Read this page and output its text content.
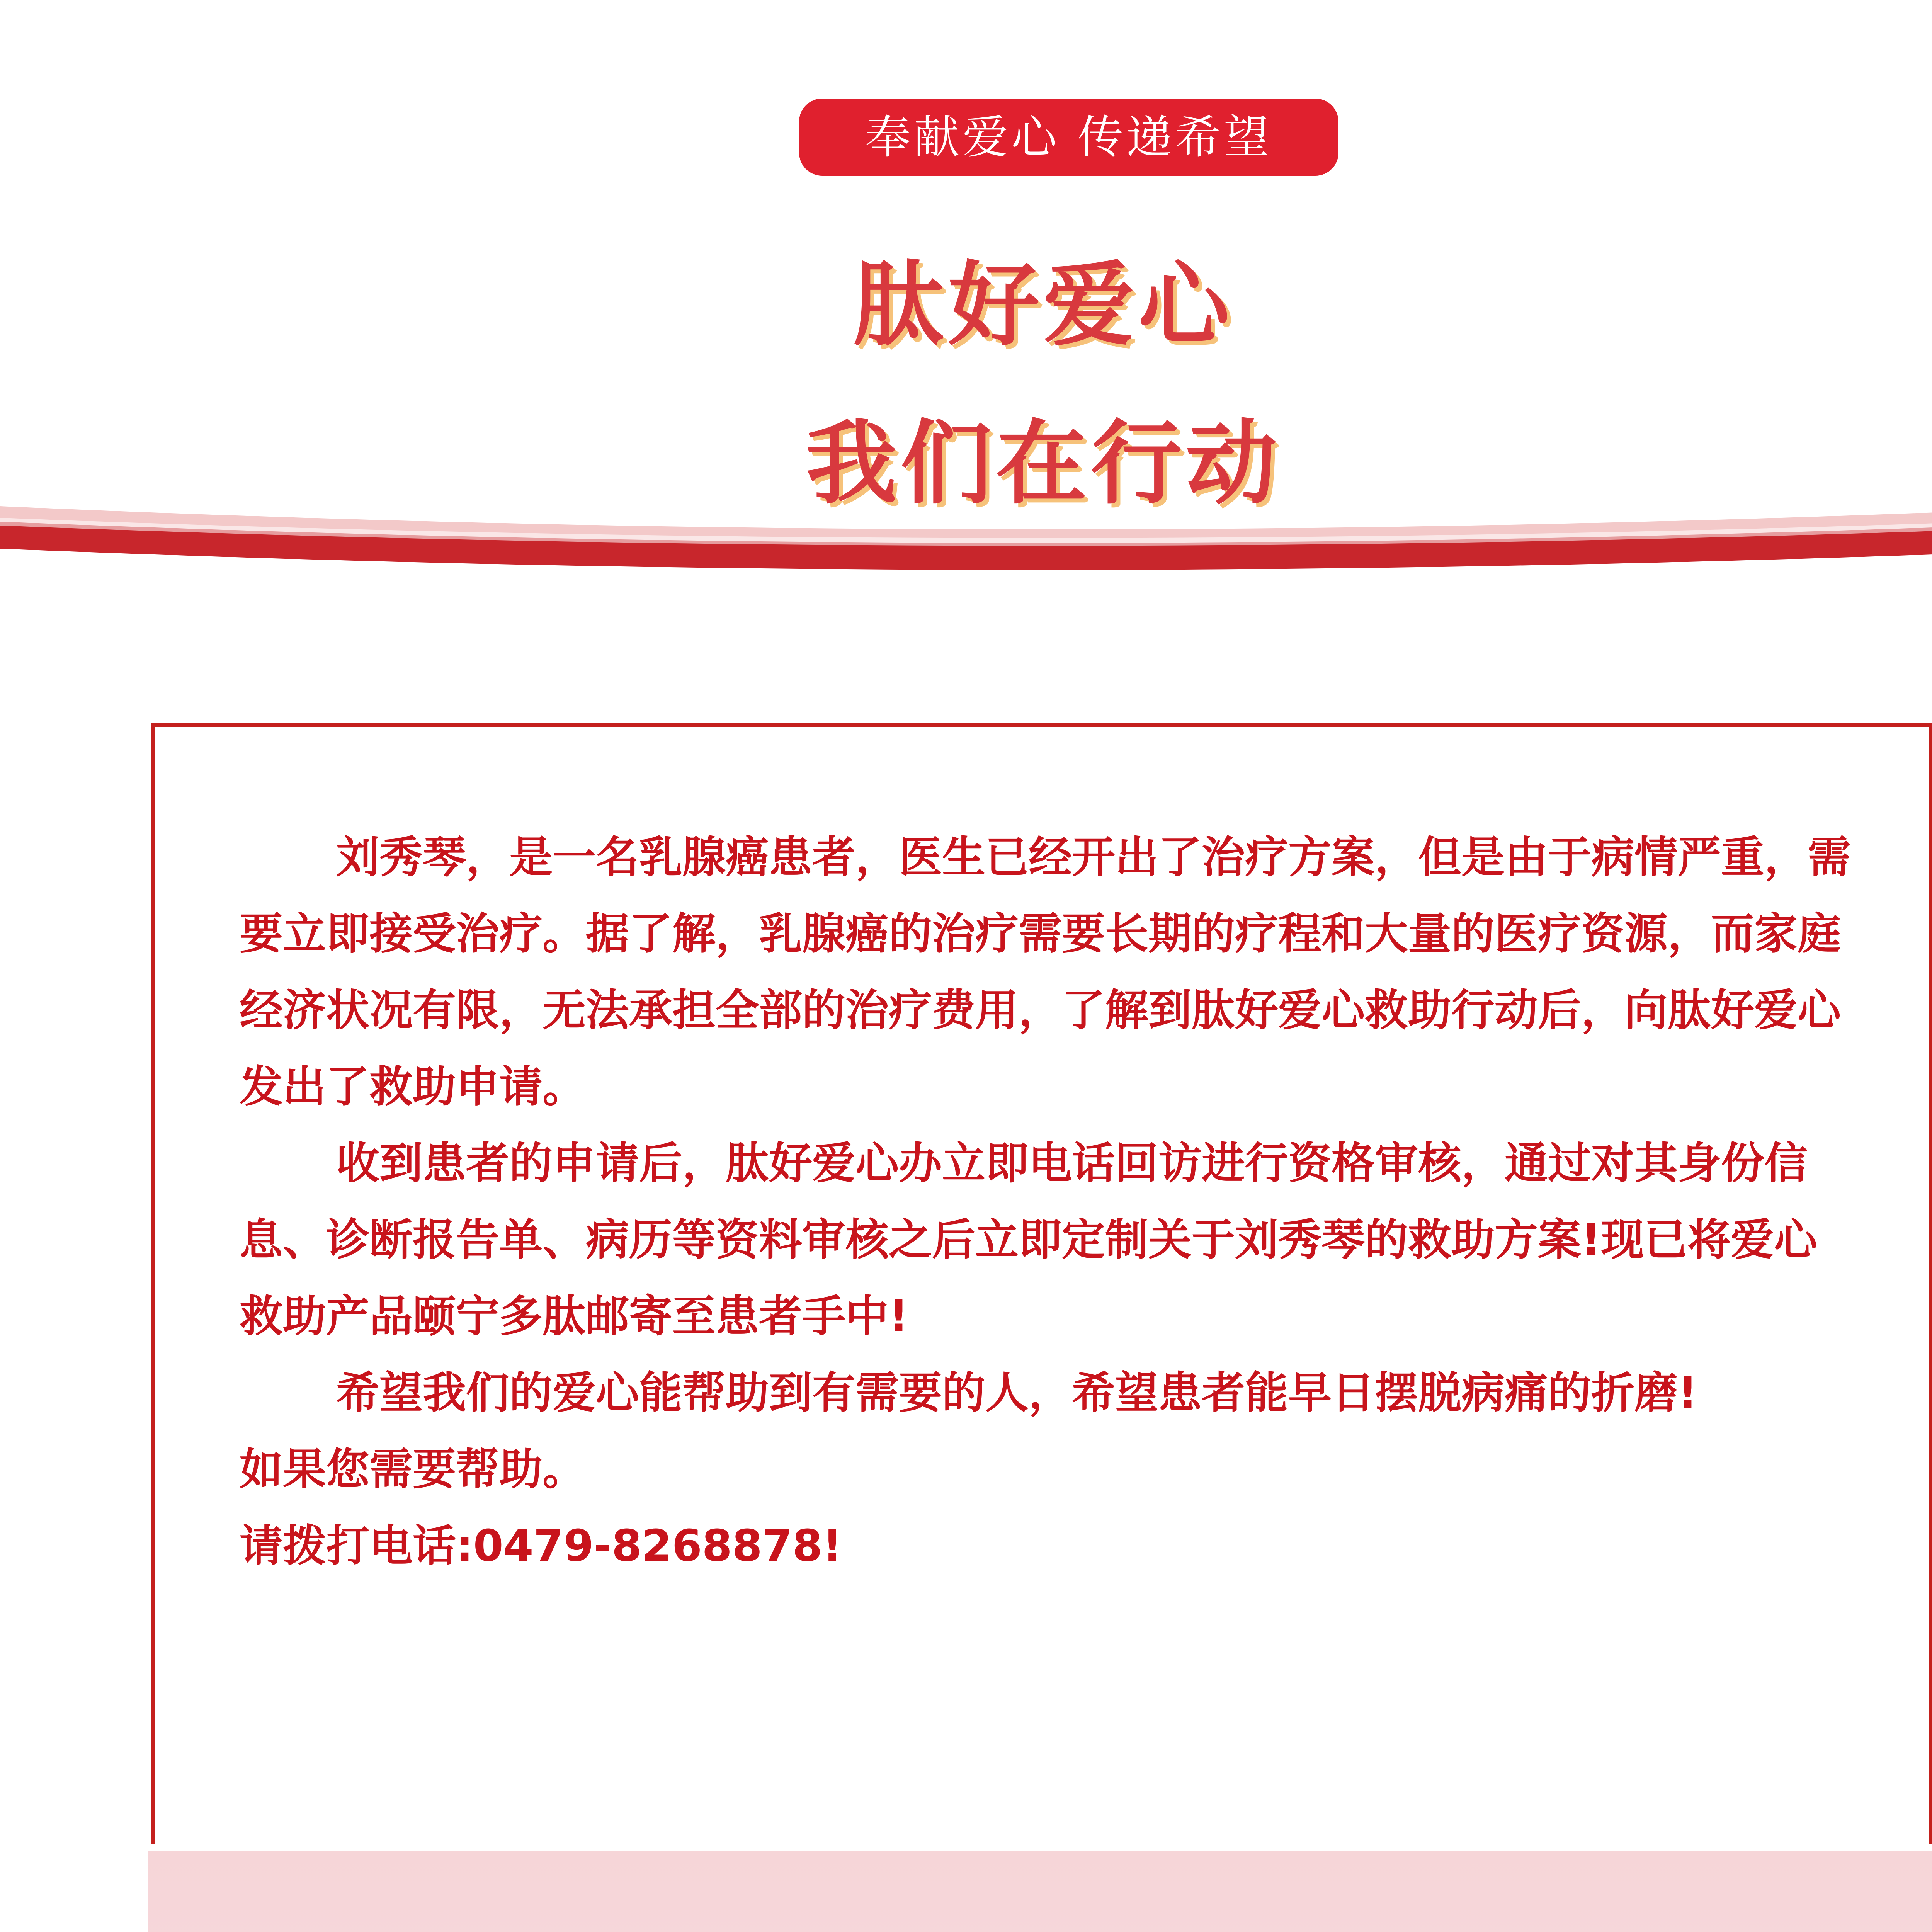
奉献爱心 传递希望
肽好爱心
我们在行动

刘秀琴，是一名乳腺癌患者，医生已经开出了治疗方案，但是由于病情严重，需要立即接受治疗。据了解，乳腺癌的治疗需要长期的疗程和大量的医疗资源，而家庭经济状况有限，无法承担全部的治疗费用，了解到肽好爱心救助行动后，向肽好爱心发出了救助申请。

收到患者的申请后，肽好爱心办立即电话回访进行资格审核，通过对其身份信息、诊断报告单、病历等资料审核之后立即定制关于刘秀琴的救助方案!现已将爱心救助产品颐宁多肽邮寄至患者手中!

希望我们的爱心能帮助到有需要的人，希望患者能早日摆脱病痛的折磨!

如果您需要帮助。

请拨打电话:0479-8268878!
